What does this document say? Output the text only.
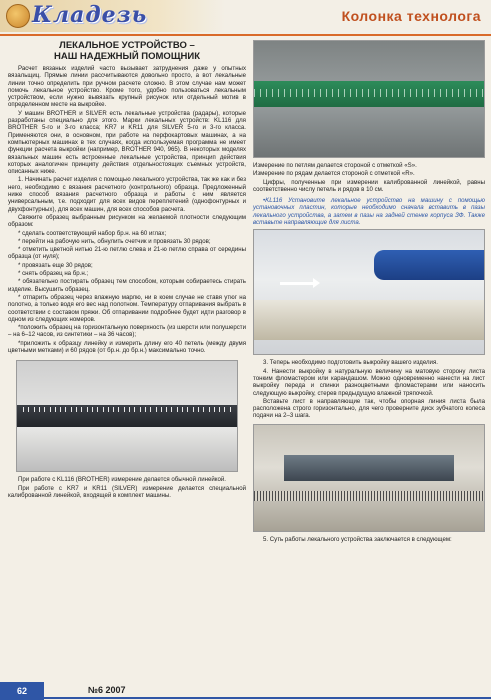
Кладезь	Колонка технолога
ЛЕКАЛЬНОЕ УСТРОЙСТВО –
НАШ НАДЕЖНЫЙ ПОМОЩНИК

Расчет вязаных изделий часто вызывает затруднения даже у опытных вязальщиц. Прямые линии рассчитываются довольно просто, а вот лекальные линии точно определить при ручном расчете сложно. В этом случае нам может помочь лекальное устройство. Кроме того, удобно пользоваться лекальным устройством, если нужно вывязать крупный рисунок или отдельный мотив в определенном месте на выкройке.

У машин BROTHER и SILVER есть лекальные устройства (радары), которые разработаны специально для этого. Марки лекальных устройств: KL116 для BROTHER 5-го и 3-го класса; KR7 и KR11 для SILVER 5-го и 3-го класса. Применяются они, в основном, при работе на перфокартовых машинах, а на компьютерных машинах в тех случаях, когда используемая программа не имеет функции расчета выкройки (например, BROTHER 940, 965). В некоторых моделях вязальных машин есть встроенные лекальные устройства, принцип действия которых аналогичен принципу действия отдельностоящих съемных устройств, описанных ниже.

1. Начинать расчет изделия с помощью лекального устройства, так же как и без него, необходимо с вязания расчетного (контрольного) образца. Предложенный ниже способ вязания расчетного образца и работы с ним является универсальным, т.е. подходит для всех видов переплетений (однофонтурных и двухфонтурных), для всех машин, для всех способов расчета.

Свяжите образец выбранным рисунком на желаемой плотности следующим образом:

* сделать соответствующий набор бр.н. на 60 иглах;

* перейти на рабочую нить, обнулить счетчик и провязать 30 рядов;

* отметить цветной нитью 21-ю петлю слева и 21-ю петлю справа от середины образца (от нуля);

* провязать еще 30 рядов;

* снять образец на бр.н.;

* обязательно постирать образец тем способом, которым собираетесь стирать изделие. Высушить образец.

* отпарить образец через влажную марлю, ни в коем случае не ставя утюг на полотно, а только водя его вес над полотном. Температуру отпаривания выбрать в соответствии с составом пряжи. Об отпаривании подробнее будет идти разговор в одном из следующих номеров.

*положить образец на горизонтальную поверхность (из шерсти или полушерсти – на 6–12 часов, из синтетики – на 36 часов);

*приложить к образцу линейку и измерить длину его 40 петель (между двумя цветными метками) и 60 рядов (от бр.н. до бр.н.) максимально точно.

При работе с KL116 (BROTHER) измерение делается обычной линейкой.

При работе с KR7 и KR11 (SILVER) измерение делается специальной калиброванной линейкой, входящей в комплект машины.

Измерение по петлям делается стороной с отметкой «S».

Измерение по рядам делается стороной с отметкой «R».

Цифры, полученные при измерении калиброванной линейкой, равны соответственно числу петель и рядов в 10 см.

•KL116 Установите лекальное устройство на машину с помощью установочных пластин, которые необходимо сначала вставить в пазы лекального устройства, а затем в пазы на задней стенке корпуса ЗФ. Также вставьте направляющие для листа.

3. Теперь необходимо подготовить выкройку вашего изделия.

4. Нанести выкройку в натуральную величину на матовую сторону листа тонким фломастером или карандашом. Можно одновременно нанести на лист выкройку переда и спинки разноцветными фломастерами или наносить следующую выкройку, стерев предыдущую влажной тряпочкой.

Вставьте лист в направляющие так, чтобы опорная линия листа была расположена строго горизонтально, для чего проверните диск зубчатого колеса подачи на 2–3 шага.

5. Суть работы лекального устройства заключается в следующем:

62	№6 2007
